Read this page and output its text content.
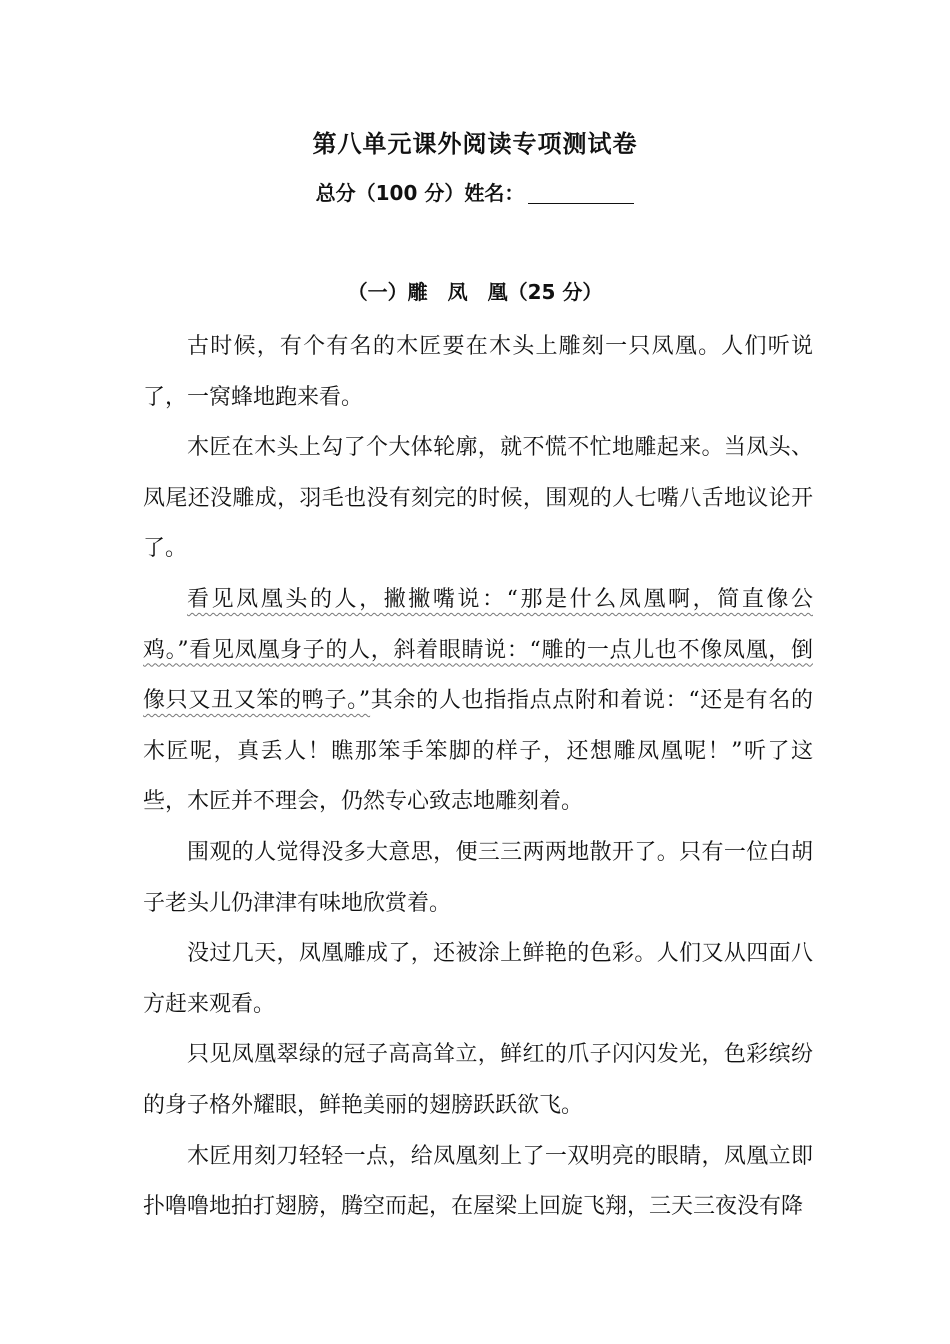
第八单元课外阅读专项测试卷
总分（100 分）姓名：
（一）雕　凤　凰（25 分）

古时候，有个有名的木匠要在木头上雕刻一只凤凰。人们听说了，一窝蜂地跑来看。

木匠在木头上勾了个大体轮廓，就不慌不忙地雕起来。当凤头、凤尾还没雕成，羽毛也没有刻完的时候，围观的人七嘴八舌地议论开了。

看见凤凰头的人，撇撇嘴说：“那是什么凤凰啊，简直像公鸡。”看见凤凰身子的人，斜着眼睛说：“雕的一点儿也不像凤凰，倒像只又丑又笨的鸭子。”其余的人也指指点点附和着说：“还是有名的木匠呢，真丢人！瞧那笨手笨脚的样子，还想雕凤凰呢！”听了这些，木匠并不理会，仍然专心致志地雕刻着。

围观的人觉得没多大意思，便三三两两地散开了。只有一位白胡子老头儿仍津津有味地欣赏着。

没过几天，凤凰雕成了，还被涂上鲜艳的色彩。人们又从四面八方赶来观看。

只见凤凰翠绿的冠子高高耸立，鲜红的爪子闪闪发光，色彩缤纷的身子格外耀眼，鲜艳美丽的翅膀跃跃欲飞。

木匠用刻刀轻轻一点，给凤凰刻上了一双明亮的眼睛，凤凰立即扑噜噜地拍打翅膀，腾空而起，在屋梁上回旋飞翔，三天三夜没有降
